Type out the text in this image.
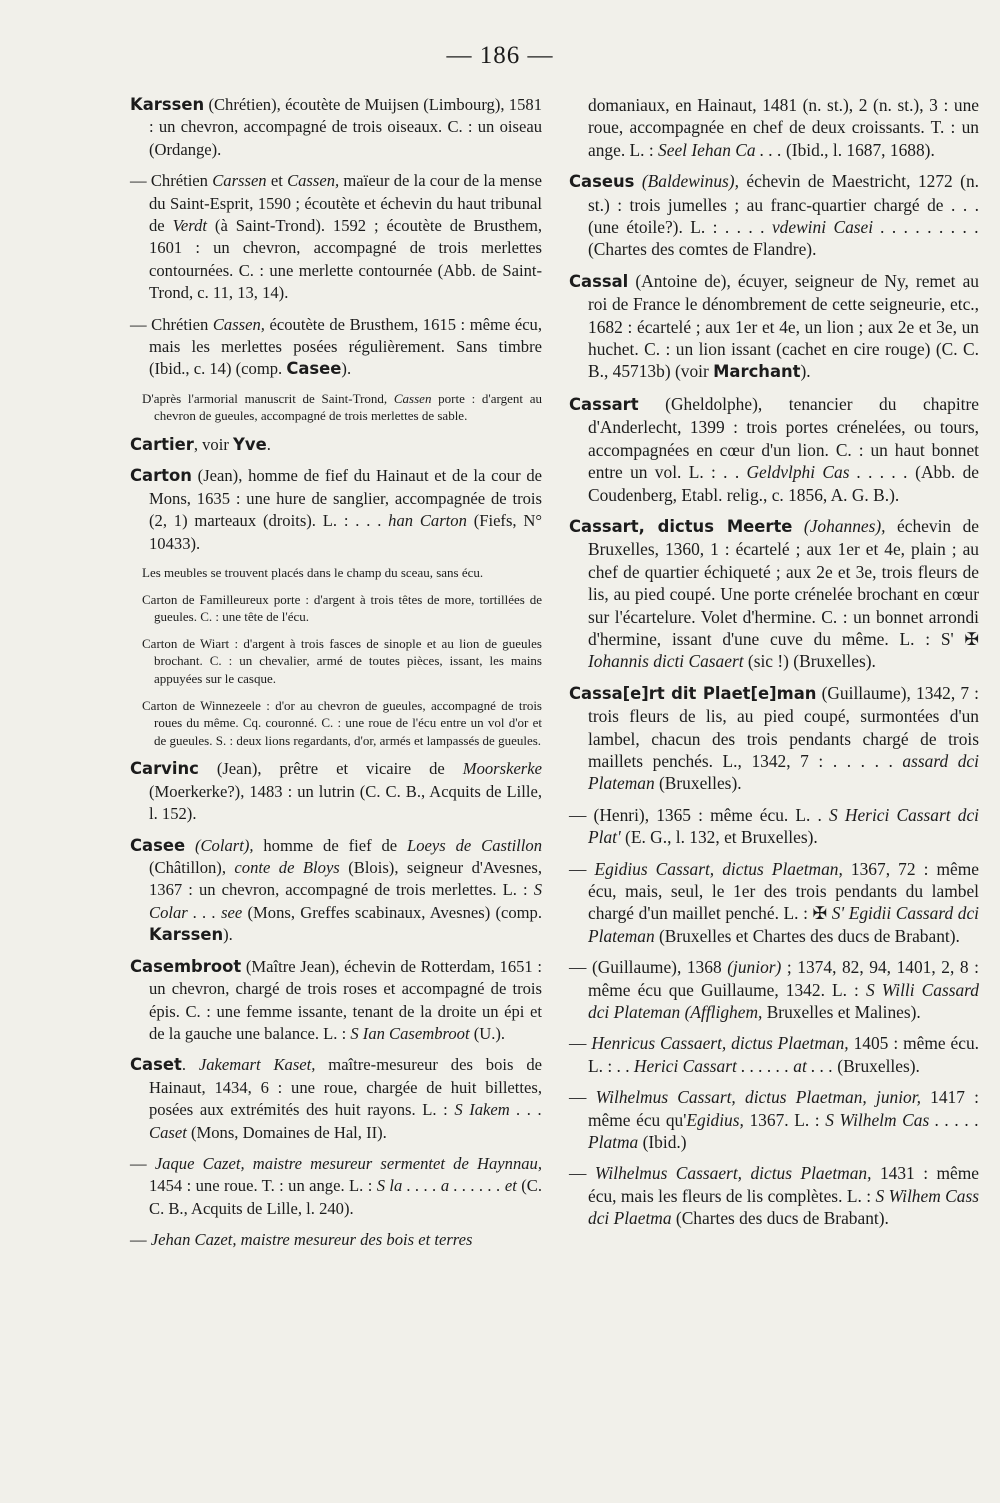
— 186 —

Karssen (Chrétien), écoutète de Muijsen (Limbourg), 1581 : un chevron, accompagné de trois oiseaux. C. : un oiseau (Ordange).

— Chrétien Carssen et Cassen, maïeur de la cour de la mense du Saint-Esprit, 1590 ; écoutète et échevin du haut tribunal de Verdt (à Saint-Trond). 1592 ; écoutète de Brusthem, 1601 : un chevron, accompagné de trois merlettes contournées. C. : une merlette contournée (Abb. de Saint-Trond, c. 11, 13, 14).

— Chrétien Cassen, écoutète de Brusthem, 1615 : même écu, mais les merlettes posées régulièrement. Sans timbre (Ibid., c. 14) (comp. Casee).

D'après l'armorial manuscrit de Saint-Trond, Cassen porte : d'argent au chevron de gueules, accompagné de trois merlettes de sable.

Cartier, voir Yve.

Carton (Jean), homme de fief du Hainaut et de la cour de Mons, 1635 : une hure de sanglier, accompagnée de trois (2, 1) marteaux (droits). L. : . . . han Carton (Fiefs, N° 10433).

Les meubles se trouvent placés dans le champ du sceau, sans écu.

Carton de Familleureux porte : d'argent à trois têtes de more, tortillées de gueules. C. : une tête de l'écu.

Carton de Wiart : d'argent à trois fasces de sinople et au lion de gueules brochant. C. : un chevalier, armé de toutes pièces, issant, les mains appuyées sur le casque.

Carton de Winnezeele : d'or au chevron de gueules, accompagné de trois roues du même. Cq. couronné. C. : une roue de l'écu entre un vol d'or et de gueules. S. : deux lions regardants, d'or, armés et lampassés de gueules.

Carvinc (Jean), prêtre et vicaire de Moorskerke (Moerkerke?), 1483 : un lutrin (C. C. B., Acquits de Lille, l. 152).

Casee (Colart), homme de fief de Loeys de Castillon (Châtillon), conte de Bloys (Blois), seigneur d'Avesnes, 1367 : un chevron, accompagné de trois merlettes. L. : S Colar . . . see (Mons, Greffes scabinaux, Avesnes) (comp. Karssen).

Casembroot (Maître Jean), échevin de Rotterdam, 1651 : un chevron, chargé de trois roses et accompagné de trois épis. C. : une femme issante, tenant de la droite un épi et de la gauche une balance. L. : S Ian Casembroot (U.).

Caset. Jakemart Kaset, maître-mesureur des bois de Hainaut, 1434, 6 : une roue, chargée de huit billettes, posées aux extrémités des huit rayons. L. : S Iakem . . . Caset (Mons, Domaines de Hal, II).

— Jaque Cazet, maistre mesureur sermentet de Haynnau, 1454 : une roue. T. : un ange. L. : S la . . . . a . . . . . . et (C. C. B., Acquits de Lille, l. 240).

— Jehan Cazet, maistre mesureur des bois et terres

domaniaux, en Hainaut, 1481 (n. st.), 2 (n. st.), 3 : une roue, accompagnée en chef de deux croissants. T. : un ange. L. : Seel Iehan Ca . . . (Ibid., l. 1687, 1688).

Caseus (Baldewinus), échevin de Maestricht, 1272 (n. st.) : trois jumelles ; au franc-quartier chargé de . . . (une étoile?). L. : . . . . vdewini Casei . . . . . . . . . (Chartes des comtes de Flandre).

Cassal (Antoine de), écuyer, seigneur de Ny, remet au roi de France le dénombrement de cette seigneurie, etc., 1682 : écartelé ; aux 1er et 4e, un lion ; aux 2e et 3e, un huchet. C. : un lion issant (cachet en cire rouge) (C. C. B., 45713b) (voir Marchant).

Cassart (Gheldolphe), tenancier du chapitre d'Anderlecht, 1399 : trois portes crénelées, ou tours, accompagnées en cœur d'un lion. C. : un haut bonnet entre un vol. L. : . . Geldvlphi Cas . . . . . (Abb. de Coudenberg, Etabl. relig., c. 1856, A. G. B.).

Cassart, dictus Meerte (Johannes), échevin de Bruxelles, 1360, 1 : écartelé ; aux 1er et 4e, plain ; au chef de quartier échiqueté ; aux 2e et 3e, trois fleurs de lis, au pied coupé. Une porte crénelée brochant en cœur sur l'écartelure. Volet d'hermine. C. : un bonnet arrondi d'hermine, issant d'une cuve du même. L. : S' ✠ Iohannis dicti Casaert (sic !) (Bruxelles).

Cassa[e]rt dit Plaet[e]man (Guillaume), 1342, 7 : trois fleurs de lis, au pied coupé, surmontées d'un lambel, chacun des trois pendants chargé de trois maillets penchés. L., 1342, 7 : . . . . . assard dci Plateman (Bruxelles).

— (Henri), 1365 : même écu. L. . S Herici Cassart dci Plat' (E. G., l. 132, et Bruxelles).

— Egidius Cassart, dictus Plaetman, 1367, 72 : même écu, mais, seul, le 1er des trois pendants du lambel chargé d'un maillet penché. L. : ✠ S' Egidii Cassard dci Plateman (Bruxelles et Chartes des ducs de Brabant).

— (Guillaume), 1368 (junior) ; 1374, 82, 94, 1401, 2, 8 : même écu que Guillaume, 1342. L. : S Willi Cassard dci Plateman (Afflighem, Bruxelles et Malines).

— Henricus Cassaert, dictus Plaetman, 1405 : même écu. L. : . . Herici Cassart . . . . . . at . . . (Bruxelles).

— Wilhelmus Cassart, dictus Plaetman, junior, 1417 : même écu qu'Egidius, 1367. L. : S Wilhelm Cas . . . . . Platma (Ibid.)

— Wilhelmus Cassaert, dictus Plaetman, 1431 : même écu, mais les fleurs de lis complètes. L. : S Wilhem Cass dci Plaetma (Chartes des ducs de Brabant).
